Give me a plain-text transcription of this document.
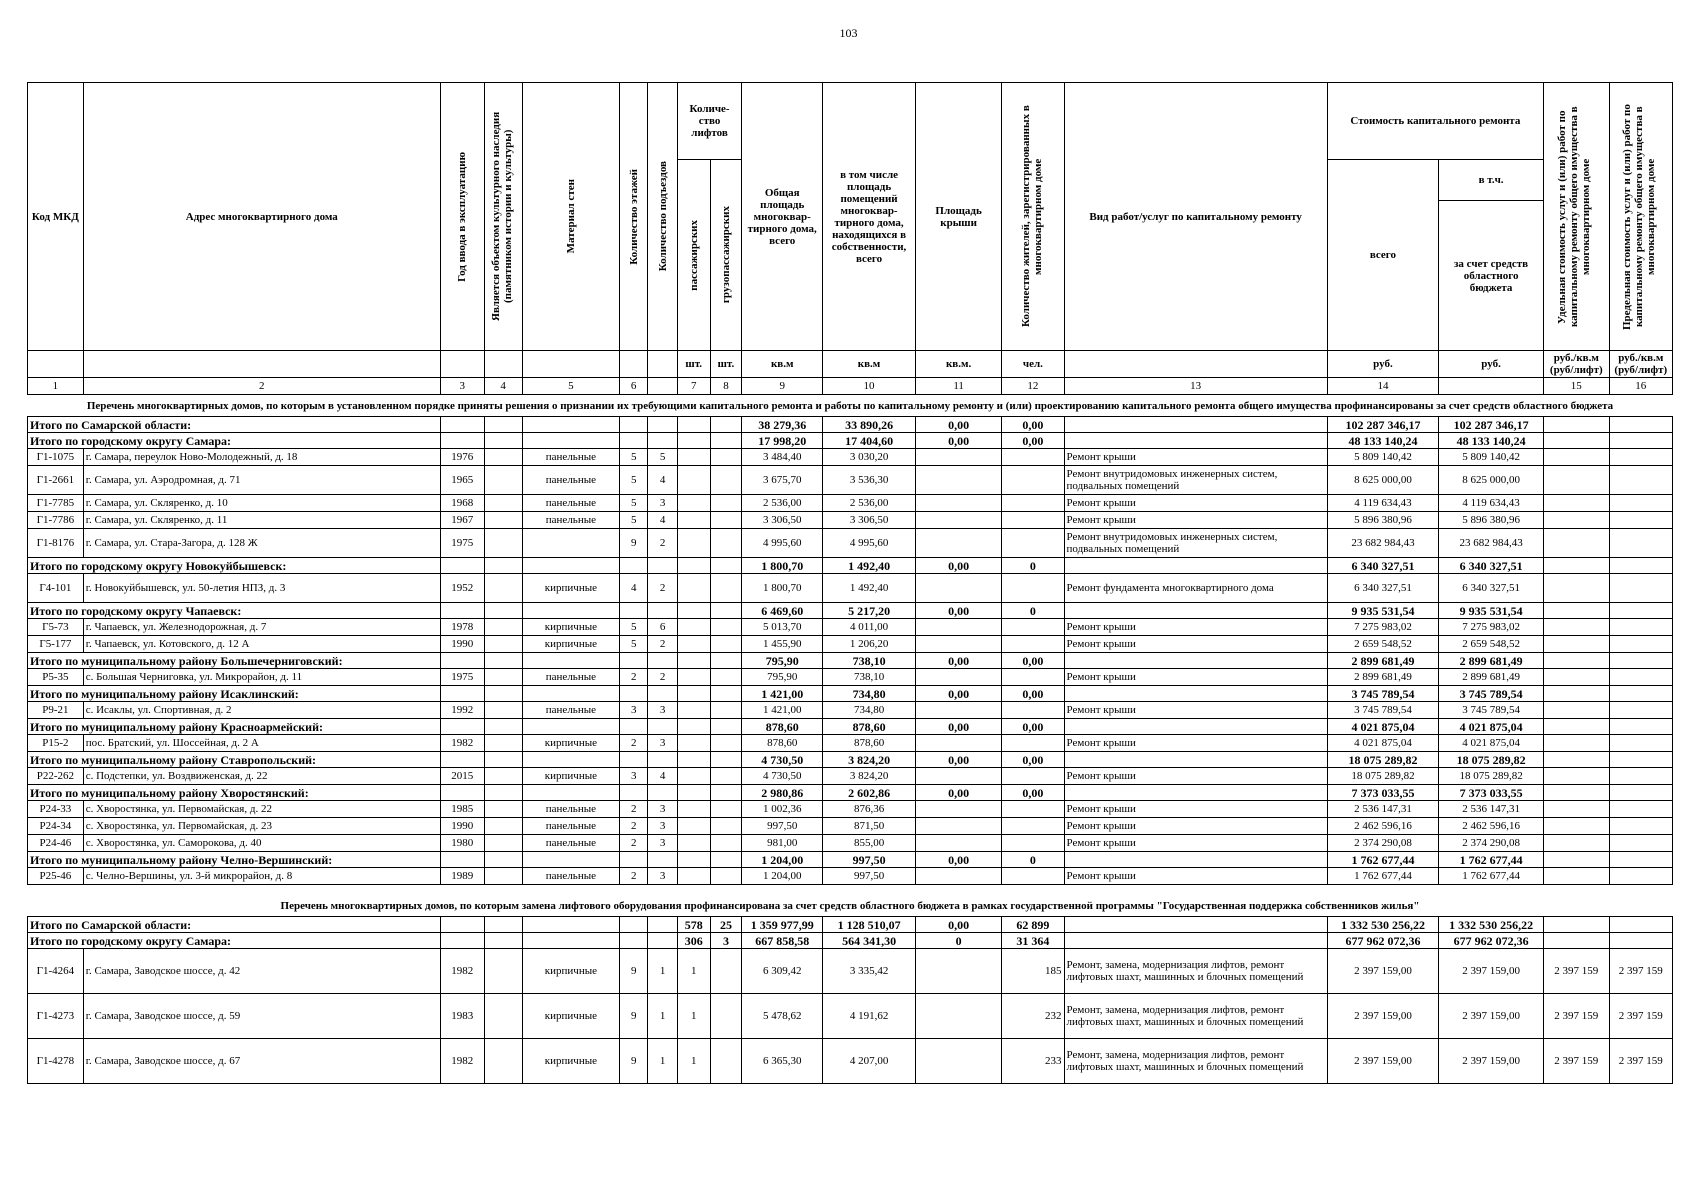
103
Код МКД	Адрес многоквартирного дома	Год ввода в эксплуатацию	Является объектом культурного наследия (памятником истории и культуры)	Материал стен	Количество этажей	Количество подъездов	Количе-ство лифтов		Общая площадь многоквар-тирного дома, всего	в том числе площадь помещений многоквар-тирного дома, находящихся в собственности, всего	Площадь крыши	Количество жителей, зарегистрированных в многоквартирном доме	Вид работ/услуг по капитальному ремонту	Стоимость капитального ремонта		Удельная стоимость услуг и (или) работ по капитальному ремонту общего имущества в многоквартирном доме	Предельная стоимость услуг и (или) работ по капитальному ремонту общего имущества в многоквартирном доме

							пассажирских	грузопассажирских						всего	в т.ч.		
															за счет средств областного бюджета		
							шт.	шт.	кв.м	кв.м	кв.м.	чел.		руб.	руб.	руб./кв.м (руб/лифт)	руб./кв.м (руб/лифт)
1	2	3	4	5	6		7	8	9	10	11	12	13	14		15	16
Перечень многоквартирных домов, по которым в установленном порядке приняты решения о признании их требующими капитального ремонта и работы по капитальному ремонту и (или) проектированию капитального ремонта общего имущества профинансированы за счет средств областного бюджета
Итого по Самарской области:									38 279,36	33 890,26	0,00	0,00		102 287 346,17	102 287 346,17		
Итого по городскому округу Самара:									17 998,20	17 404,60	0,00	0,00		48 133 140,24	48 133 140,24		
Г1-1075	г. Самара, переулок Ново-Молодежный, д. 18	1976		панельные	5	5			3 484,40	3 030,20			Ремонт крыши	5 809 140,42	5 809 140,42		
Г1-2661	г. Самара, ул. Аэродромная, д. 71	1965		панельные	5	4			3 675,70	3 536,30			Ремонт внутридомовых инженерных систем, подвальных помещений	8 625 000,00	8 625 000,00		
Г1-7785	г. Самара, ул. Скляренко, д. 10	1968		панельные	5	3			2 536,00	2 536,00			Ремонт крыши	4 119 634,43	4 119 634,43		
Г1-7786	г. Самара, ул. Скляренко, д. 11	1967		панельные	5	4			3 306,50	3 306,50			Ремонт крыши	5 896 380,96	5 896 380,96		
Г1-8176	г. Самара, ул. Стара-Загора, д. 128 Ж	1975			9	2			4 995,60	4 995,60			Ремонт внутридомовых инженерных систем, подвальных помещений	23 682 984,43	23 682 984,43		
Итого по городскому округу Новокуйбышевск:									1 800,70	1 492,40	0,00	0		6 340 327,51	6 340 327,51		
Г4-101	г. Новокуйбышевск, ул. 50-летия НПЗ, д. 3	1952		кирпичные	4	2			1 800,70	1 492,40			Ремонт фундамента многоквартирного дома	6 340 327,51	6 340 327,51		
Итого по городскому округу Чапаевск:									6 469,60	5 217,20	0,00	0		9 935 531,54	9 935 531,54		
Г5-73	г. Чапаевск, ул. Железнодорожная, д. 7	1978		кирпичные	5	6			5 013,70	4 011,00			Ремонт крыши	7 275 983,02	7 275 983,02		
Г5-177	г. Чапаевск, ул. Котовского, д. 12 А	1990		кирпичные	5	2			1 455,90	1 206,20			Ремонт крыши	2 659 548,52	2 659 548,52		
Итого по муниципальному району Большечерниговский:									795,90	738,10	0,00	0,00		2 899 681,49	2 899 681,49		
Р5-35	с. Большая Черниговка, ул. Микрорайон, д. 11	1975		панельные	2	2			795,90	738,10			Ремонт крыши	2 899 681,49	2 899 681,49		
Итого по муниципальному району Исаклинский:									1 421,00	734,80	0,00	0,00		3 745 789,54	3 745 789,54		
Р9-21	с. Исаклы, ул. Спортивная, д. 2	1992		панельные	3	3			1 421,00	734,80			Ремонт крыши	3 745 789,54	3 745 789,54		
Итого по муниципальному району Красноармейский:									878,60	878,60	0,00	0,00		4 021 875,04	4 021 875,04		
Р15-2	пос. Братский, ул. Шоссейная, д. 2 А	1982		кирпичные	2	3			878,60	878,60			Ремонт крыши	4 021 875,04	4 021 875,04		
Итого по муниципальному району Ставропольский:									4 730,50	3 824,20	0,00	0,00		18 075 289,82	18 075 289,82		
Р22-262	с. Подстепки, ул. Воздвиженская, д. 22	2015		кирпичные	3	4			4 730,50	3 824,20			Ремонт крыши	18 075 289,82	18 075 289,82		
Итого по муниципальному району Хворостянский:									2 980,86	2 602,86	0,00	0,00		7 373 033,55	7 373 033,55		
Р24-33	с. Хворостянка, ул. Первомайская, д. 22	1985		панельные	2	3			1 002,36	876,36			Ремонт крыши	2 536 147,31	2 536 147,31		
Р24-34	с. Хворостянка, ул. Первомайская, д. 23	1990		панельные	2	3			997,50	871,50			Ремонт крыши	2 462 596,16	2 462 596,16		
Р24-46	с. Хворостянка, ул. Саморокова, д. 40	1980		панельные	2	3			981,00	855,00			Ремонт крыши	2 374 290,08	2 374 290,08		
Итого по муниципальному району Челно-Вершинский:									1 204,00	997,50	0,00	0		1 762 677,44	1 762 677,44		
Р25-46	с. Челно-Вершины, ул. 3-й микрорайон, д. 8	1989		панельные	2	3			1 204,00	997,50			Ремонт крыши	1 762 677,44	1 762 677,44		
Перечень многоквартирных домов, по которым замена лифтового оборудования профинансирована за счет средств областного бюджета в рамках государственной программы "Государственная поддержка собственников жилья"
Итого по Самарской области:							578	25	1 359 977,99	1 128 510,07	0,00	62 899		1 332 530 256,22	1 332 530 256,22		
Итого по городскому округу Самара:							306	3	667 858,58	564 341,30	0	31 364		677 962 072,36	677 962 072,36		
Г1-4264	г. Самара, Заводское шоссе, д. 42	1982		кирпичные	9	1	1		6 309,42	3 335,42		185	Ремонт, замена, модернизация лифтов, ремонт лифтовых шахт, машинных и блочных помещений	2 397 159,00	2 397 159,00	2 397 159	2 397 159
Г1-4273	г. Самара, Заводское шоссе, д. 59	1983		кирпичные	9	1	1		5 478,62	4 191,62		232	Ремонт, замена, модернизация лифтов, ремонт лифтовых шахт, машинных и блочных помещений	2 397 159,00	2 397 159,00	2 397 159	2 397 159
Г1-4278	г. Самара, Заводское шоссе, д. 67	1982		кирпичные	9	1	1		6 365,30	4 207,00		233	Ремонт, замена, модернизация лифтов, ремонт лифтовых шахт, машинных и блочных помещений	2 397 159,00	2 397 159,00	2 397 159	2 397 159
